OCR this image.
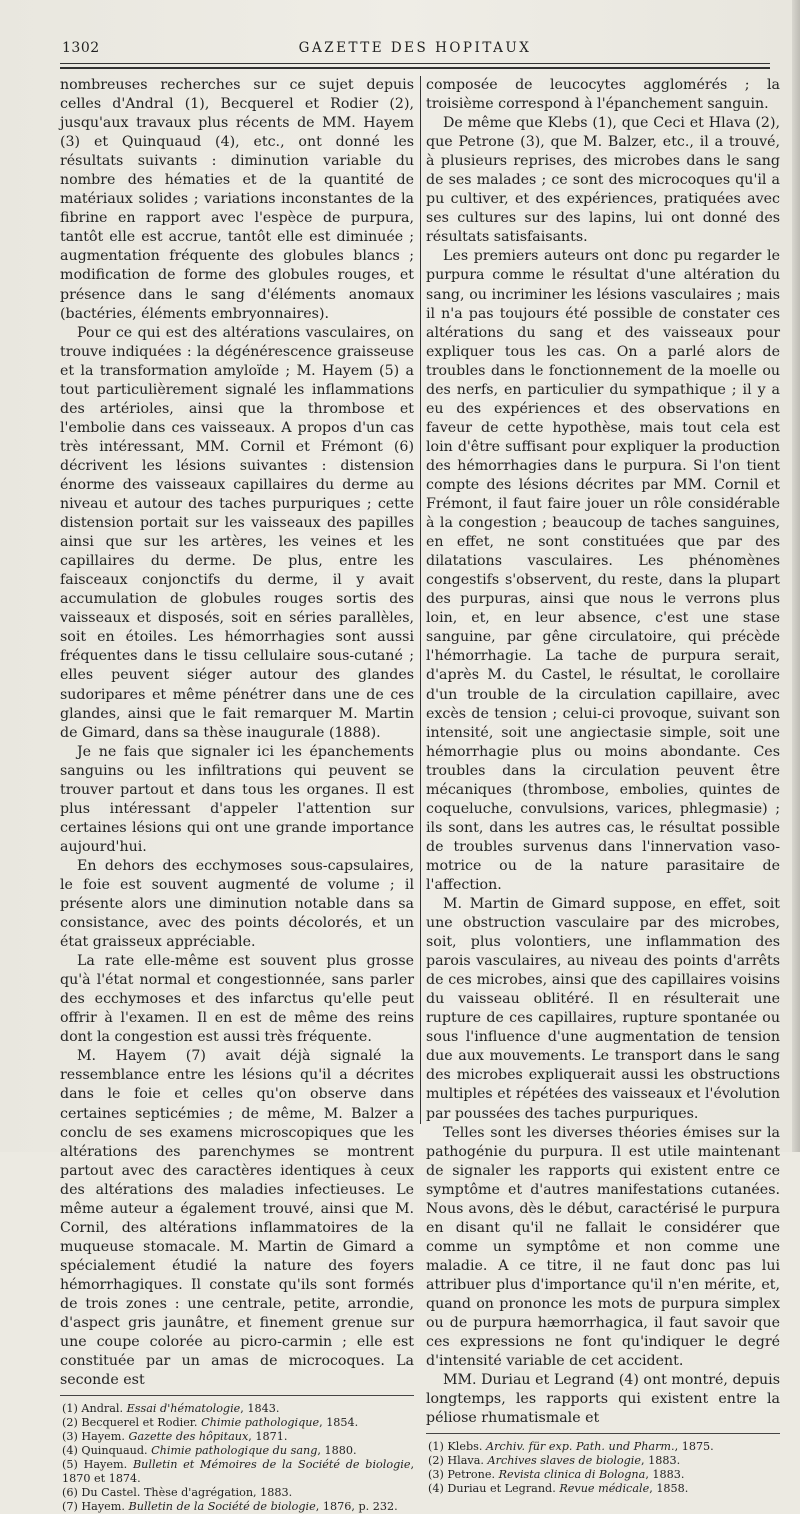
1302	GAZETTE DES HOPITAUX

nombreuses recherches sur ce sujet depuis celles d'Andral (1), Becquerel et Rodier (2), jusqu'aux travaux plus récents de MM. Hayem (3) et Quinquaud (4), etc., ont donné les résultats suivants : diminution variable du nombre des hématies et de la quantité de matériaux solides ; variations inconstantes de la fibrine en rapport avec l'espèce de purpura, tantôt elle est accrue, tantôt elle est diminuée ; augmentation fréquente des globules blancs ; modification de forme des globules rouges, et présence dans le sang d'éléments anomaux (bactéries, éléments embryonnaires).

Pour ce qui est des altérations vasculaires, on trouve indiquées : la dégénérescence graisseuse et la transformation amyloïde ; M. Hayem (5) a tout particulièrement signalé les inflammations des artérioles, ainsi que la thrombose et l'embolie dans ces vaisseaux. A propos d'un cas très intéressant, MM. Cornil et Frémont (6) décrivent les lésions suivantes : distension énorme des vaisseaux capillaires du derme au niveau et autour des taches purpuriques ; cette distension portait sur les vaisseaux des papilles ainsi que sur les artères, les veines et les capillaires du derme. De plus, entre les faisceaux conjonctifs du derme, il y avait accumulation de globules rouges sortis des vaisseaux et disposés, soit en séries parallèles, soit en étoiles. Les hémorrhagies sont aussi fréquentes dans le tissu cellulaire sous-cutané ; elles peuvent siéger autour des glandes sudoripares et même pénétrer dans une de ces glandes, ainsi que le fait remarquer M. Martin de Gimard, dans sa thèse inaugurale (1888).

Je ne fais que signaler ici les épanchements sanguins ou les infiltrations qui peuvent se trouver partout et dans tous les organes. Il est plus intéressant d'appeler l'attention sur certaines lésions qui ont une grande importance aujourd'hui.

En dehors des ecchymoses sous-capsulaires, le foie est souvent augmenté de volume ; il présente alors une diminution notable dans sa consistance, avec des points décolorés, et un état graisseux appréciable.

La rate elle-même est souvent plus grosse qu'à l'état normal et congestionnée, sans parler des ecchymoses et des infarctus qu'elle peut offrir à l'examen. Il en est de même des reins dont la congestion est aussi très fréquente.

M. Hayem (7) avait déjà signalé la ressemblance entre les lésions qu'il a décrites dans le foie et celles qu'on observe dans certaines septicémies ; de même, M. Balzer a conclu de ses examens microscopiques que les altérations des parenchymes se montrent partout avec des caractères identiques à ceux des altérations des maladies infectieuses. Le même auteur a également trouvé, ainsi que M. Cornil, des altérations inflammatoires de la muqueuse stomacale. M. Martin de Gimard a spécialement étudié la nature des foyers hémorrhagiques. Il constate qu'ils sont formés de trois zones : une centrale, petite, arrondie, d'aspect gris jaunâtre, et finement grenue sur une coupe colorée au picro-carmin ; elle est constituée par un amas de microcoques. La seconde est

(1) Andral. Essai d'hématologie, 1843.
(2) Becquerel et Rodier. Chimie pathologique, 1854.
(3) Hayem. Gazette des hôpitaux, 1871.
(4) Quinquaud. Chimie pathologique du sang, 1880.
(5) Hayem. Bulletin et Mémoires de la Société de biologie, 1870 et 1874.
(6) Du Castel. Thèse d'agrégation, 1883.
(7) Hayem. Bulletin de la Société de biologie, 1876, p. 232.

composée de leucocytes agglomérés ; la troisième correspond à l'épanchement sanguin.

De même que Klebs (1), que Ceci et Hlava (2), que Petrone (3), que M. Balzer, etc., il a trouvé, à plusieurs reprises, des microbes dans le sang de ses malades ; ce sont des microcoques qu'il a pu cultiver, et des expériences, pratiquées avec ses cultures sur des lapins, lui ont donné des résultats satisfaisants.

Les premiers auteurs ont donc pu regarder le purpura comme le résultat d'une altération du sang, ou incriminer les lésions vasculaires ; mais il n'a pas toujours été possible de constater ces altérations du sang et des vaisseaux pour expliquer tous les cas. On a parlé alors de troubles dans le fonctionnement de la moelle ou des nerfs, en particulier du sympathique ; il y a eu des expériences et des observations en faveur de cette hypothèse, mais tout cela est loin d'être suffisant pour expliquer la production des hémorrhagies dans le purpura. Si l'on tient compte des lésions décrites par MM. Cornil et Frémont, il faut faire jouer un rôle considérable à la congestion ; beaucoup de taches sanguines, en effet, ne sont constituées que par des dilatations vasculaires. Les phénomènes congestifs s'observent, du reste, dans la plupart des purpuras, ainsi que nous le verrons plus loin, et, en leur absence, c'est une stase sanguine, par gêne circulatoire, qui précède l'hémorrhagie. La tache de purpura serait, d'après M. du Castel, le résultat, le corollaire d'un trouble de la circulation capillaire, avec excès de tension ; celui-ci provoque, suivant son intensité, soit une angiectasie simple, soit une hémorrhagie plus ou moins abondante. Ces troubles dans la circulation peuvent être mécaniques (thrombose, embolies, quintes de coqueluche, convulsions, varices, phlegmasie) ; ils sont, dans les autres cas, le résultat possible de troubles survenus dans l'innervation vaso-motrice ou de la nature parasitaire de l'affection.

M. Martin de Gimard suppose, en effet, soit une obstruction vasculaire par des microbes, soit, plus volontiers, une inflammation des parois vasculaires, au niveau des points d'arrêts de ces microbes, ainsi que des capillaires voisins du vaisseau oblitéré. Il en résulterait une rupture de ces capillaires, rupture spontanée ou sous l'influence d'une augmentation de tension due aux mouvements. Le transport dans le sang des microbes expliquerait aussi les obstructions multiples et répétées des vaisseaux et l'évolution par poussées des taches purpuriques.

Telles sont les diverses théories émises sur la pathogénie du purpura. Il est utile maintenant de signaler les rapports qui existent entre ce symptôme et d'autres manifestations cutanées. Nous avons, dès le début, caractérisé le purpura en disant qu'il ne fallait le considérer que comme un symptôme et non comme une maladie. A ce titre, il ne faut donc pas lui attribuer plus d'importance qu'il n'en mérite, et, quand on prononce les mots de purpura simplex ou de purpura hæmorrhagica, il faut savoir que ces expressions ne font qu'indiquer le degré d'intensité variable de cet accident.

MM. Duriau et Legrand (4) ont montré, depuis longtemps, les rapports qui existent entre la péliose rhumatismale et

(1) Klebs. Archiv. für exp. Path. und Pharm., 1875.
(2) Hlava. Archives slaves de biologie, 1883.
(3) Petrone. Revista clinica di Bologna, 1883.
(4) Duriau et Legrand. Revue médicale, 1858.
